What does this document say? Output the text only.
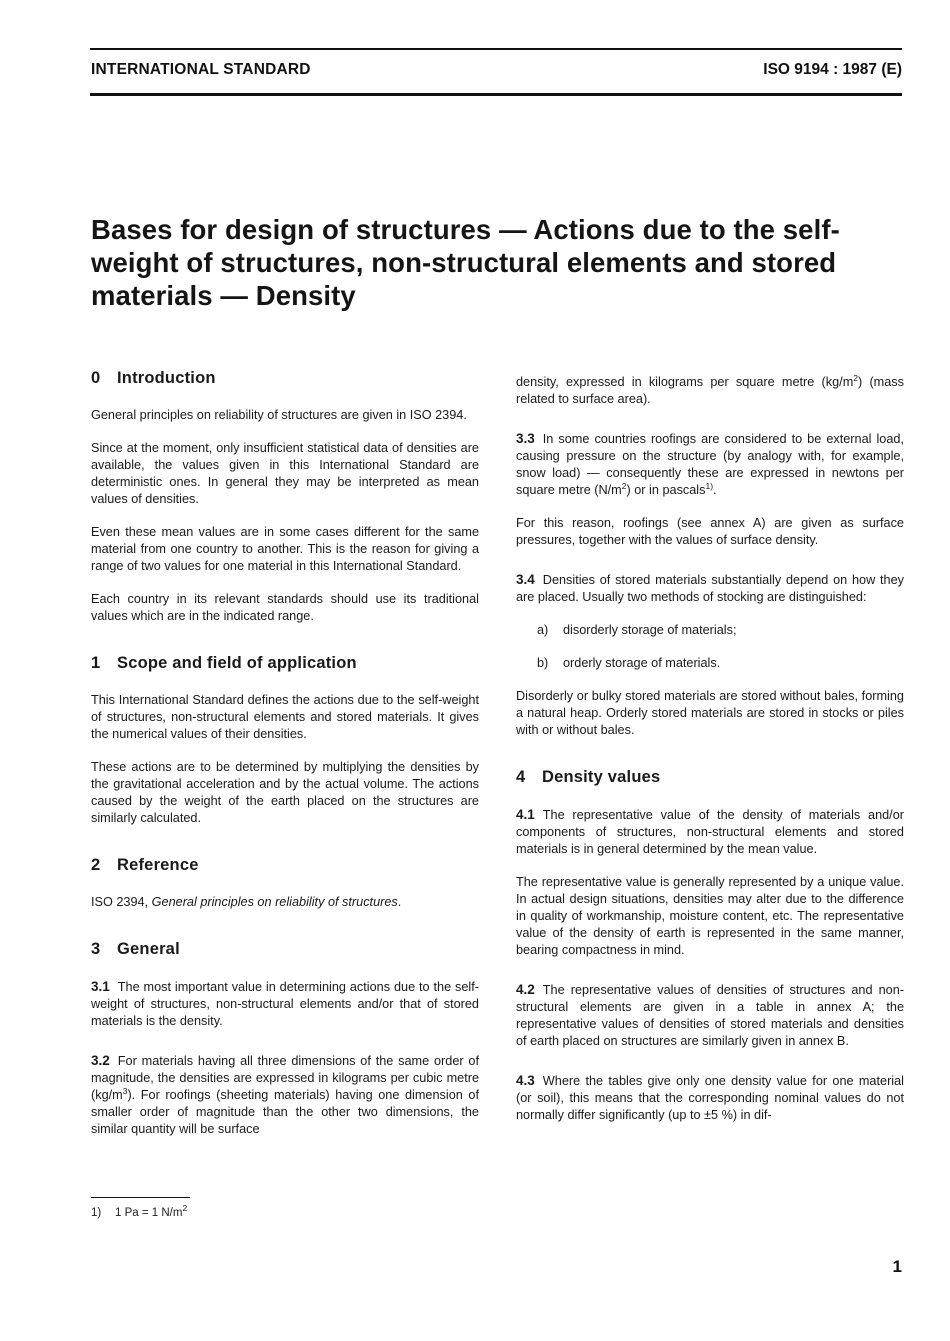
INTERNATIONAL STANDARD	ISO 9194 : 1987 (E)
Bases for design of structures — Actions due to the self-weight of structures, non-structural elements and stored materials — Density
0 Introduction

General principles on reliability of structures are given in ISO 2394.

Since at the moment, only insufficient statistical data of densities are available, the values given in this International Standard are deterministic ones. In general they may be interpreted as mean values of densities.

Even these mean values are in some cases different for the same material from one country to another. This is the reason for giving a range of two values for one material in this International Standard.

Each country in its relevant standards should use its traditional values which are in the indicated range.

1 Scope and field of application

This International Standard defines the actions due to the self-weight of structures, non-structural elements and stored materials. It gives the numerical values of their densities.

These actions are to be determined by multiplying the densities by the gravitational acceleration and by the actual volume. The actions caused by the weight of the earth placed on the structures are similarly calculated.

2 Reference

ISO 2394, General principles on reliability of structures.

3 General

3.1 The most important value in determining actions due to the self-weight of structures, non-structural elements and/or that of stored materials is the density.

3.2 For materials having all three dimensions of the same order of magnitude, the densities are expressed in kilograms per cubic metre $(kg/m^3)$. For roofings (sheeting materials) having one dimension of smaller order of magnitude than the other two dimensions, the similar quantity will be surface

density, expressed in kilograms per square metre $(kg/m^2)$ (mass related to surface area).

3.3 In some countries roofings are considered to be external load, causing pressure on the structure (by analogy with, for example, snow load) — consequently these are expressed in newtons per square metre $(N/m^2)$ or in pascals$^{1)}$.

For this reason, roofings (see annex A) are given as surface pressures, together with the values of surface density.

3.4 Densities of stored materials substantially depend on how they are placed. Usually two methods of stocking are distinguished:

a) disorderly storage of materials;
b) orderly storage of materials.

Disorderly or bulky stored materials are stored without bales, forming a natural heap. Orderly stored materials are stored in stocks or piles with or without bales.

4 Density values

4.1 The representative value of the density of materials and/or components of structures, non-structural elements and stored materials is in general determined by the mean value.

The representative value is generally represented by a unique value. In actual design situations, densities may alter due to the difference in quality of workmanship, moisture content, etc. The representative value of the density of earth is represented in the same manner, bearing compactness in mind.

4.2 The representative values of densities of structures and non-structural elements are given in a table in annex A; the representative values of densities of stored materials and densities of earth placed on structures are similarly given in annex B.

4.3 Where the tables give only one density value for one material (or soil), this means that the corresponding nominal values do not normally differ significantly (up to ±5 %) in dif-

1) 1 Pa = 1 $N/m^2$
1
